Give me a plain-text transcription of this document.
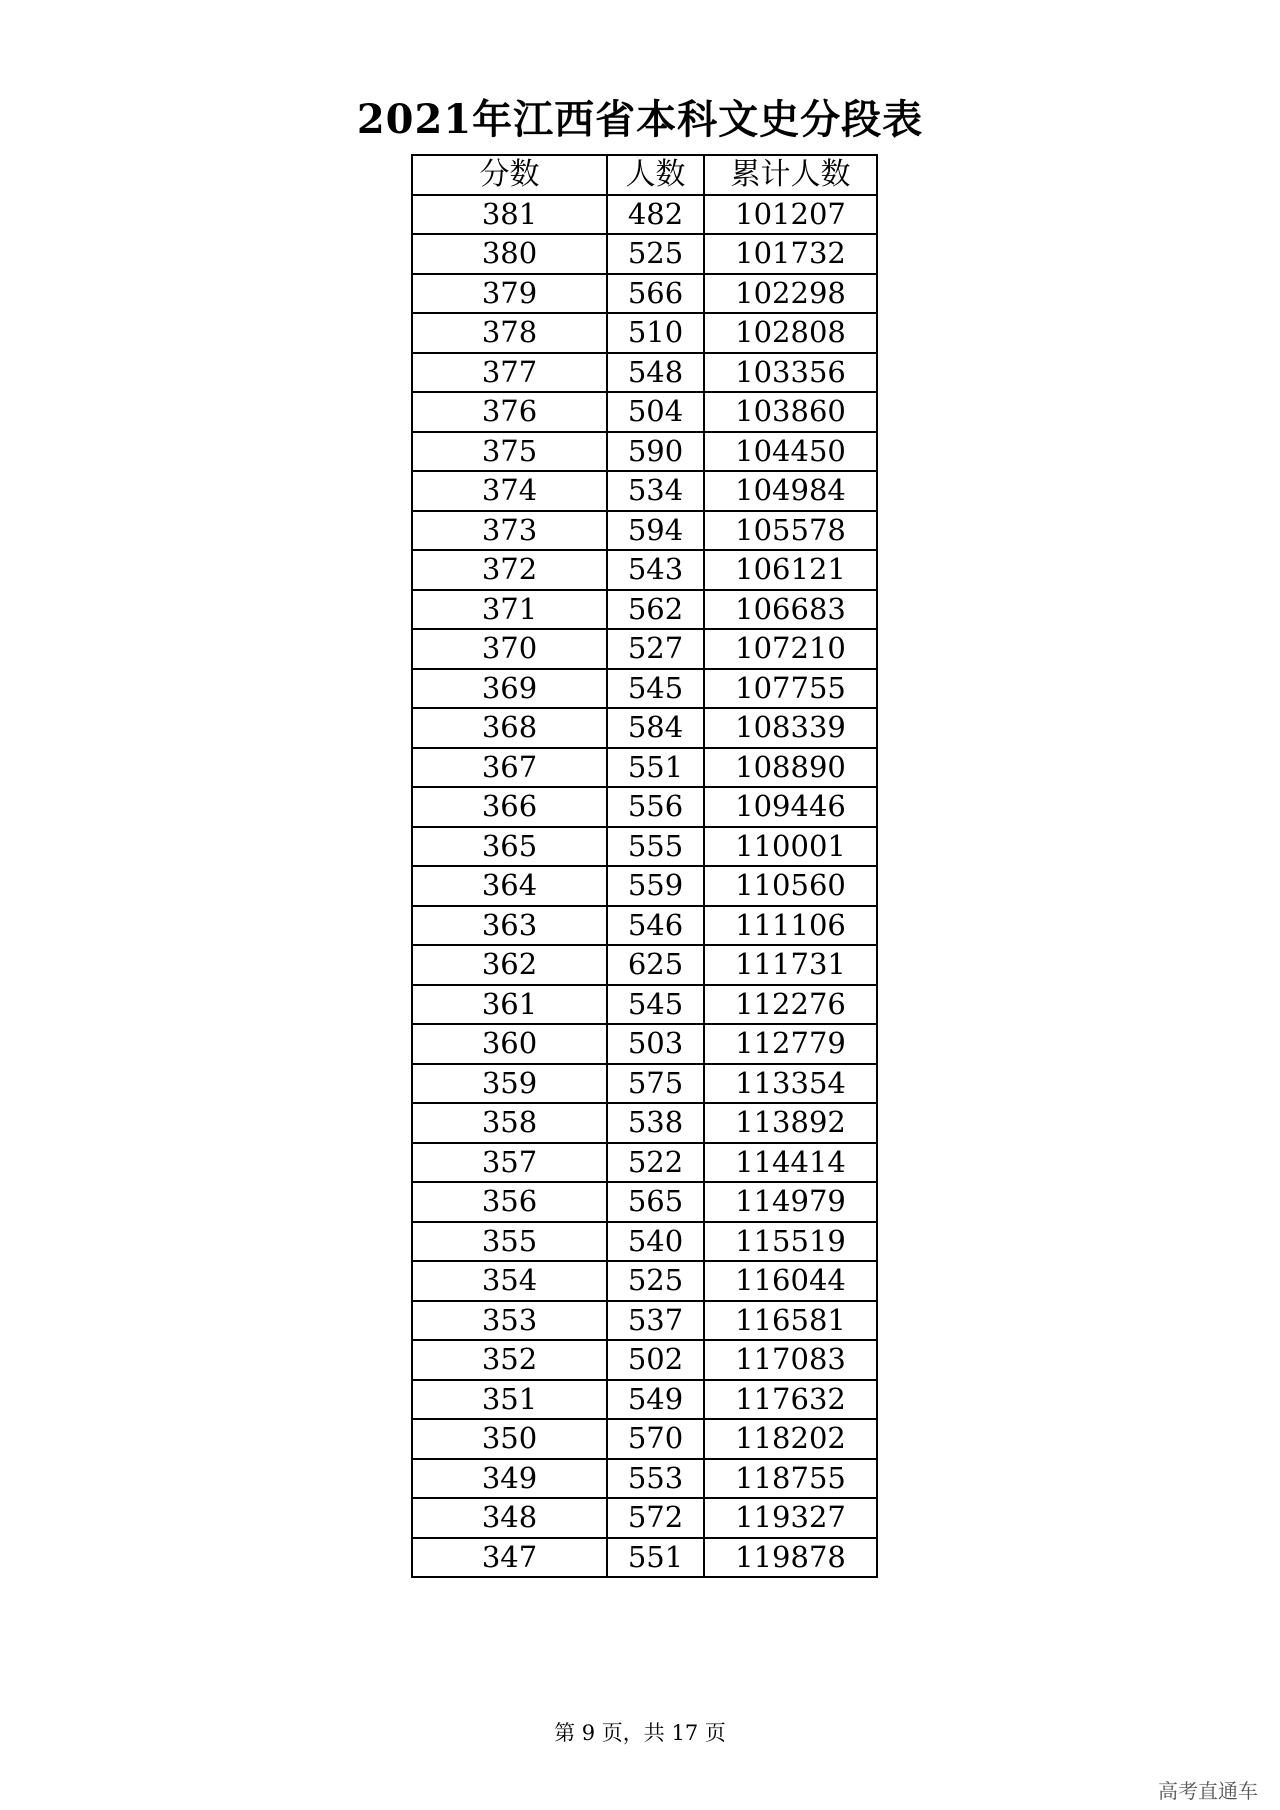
2021年江西省本科文史分段表
分数	人数	累计人数
381	482	101207
380	525	101732
379	566	102298
378	510	102808
377	548	103356
376	504	103860
375	590	104450
374	534	104984
373	594	105578
372	543	106121
371	562	106683
370	527	107210
369	545	107755
368	584	108339
367	551	108890
366	556	109446
365	555	110001
364	559	110560
363	546	111106
362	625	111731
361	545	112276
360	503	112779
359	575	113354
358	538	113892
357	522	114414
356	565	114979
355	540	115519
354	525	116044
353	537	116581
352	502	117083
351	549	117632
350	570	118202
349	553	118755
348	572	119327
347	551	119878
第 9 页，共 17 页
高考直通车
